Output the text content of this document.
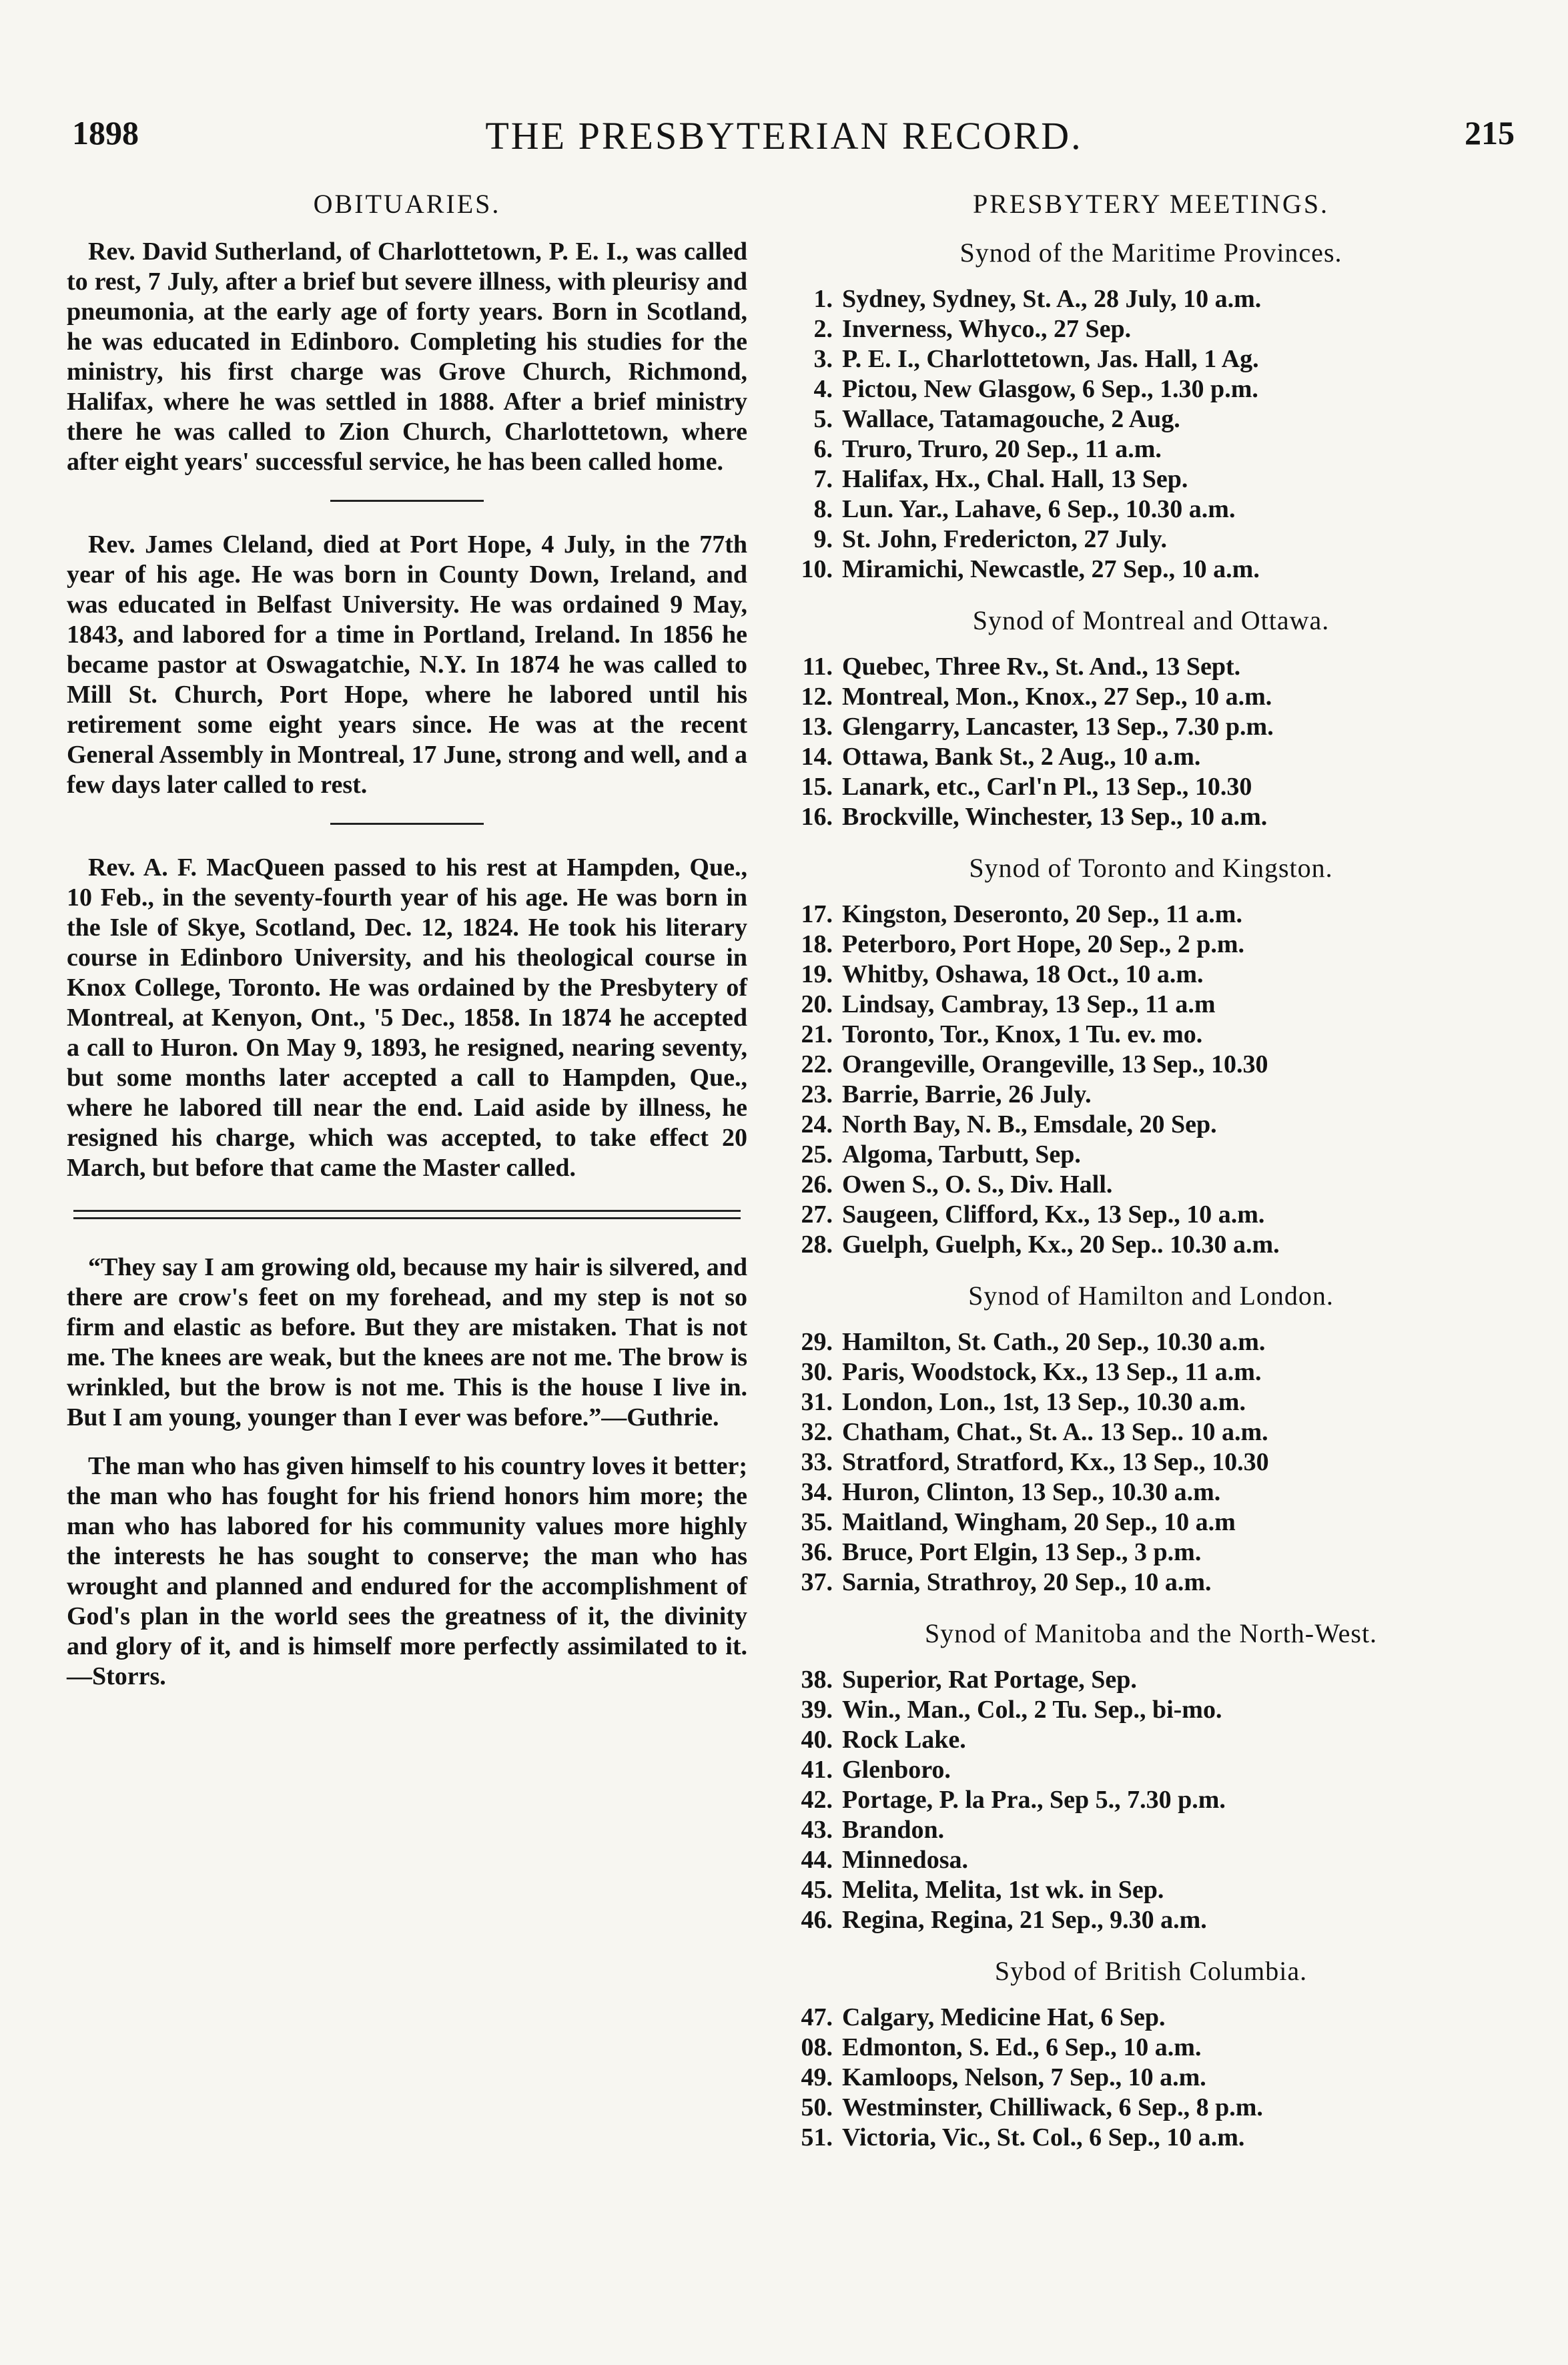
THE PRESBYTERIAN RECORD.
1898	215
OBITUARIES.

Rev. David Sutherland, of Charlottetown, P. E. I., was called to rest, 7 July, after a brief but severe illness, with pleurisy and pneumonia, at the early age of forty years. Born in Scotland, he was educated in Edinboro. Completing his studies for the ministry, his first charge was Grove Church, Richmond, Halifax, where he was settled in 1888. After a brief ministry there he was called to Zion Church, Charlottetown, where after eight years' successful service, he has been called home.

Rev. James Cleland, died at Port Hope, 4 July, in the 77th year of his age. He was born in County Down, Ireland, and was educated in Belfast University. He was ordained 9 May, 1843, and labored for a time in Portland, Ireland. In 1856 he became pastor at Oswagatchie, N.Y. In 1874 he was called to Mill St. Church, Port Hope, where he labored until his retirement some eight years since. He was at the recent General Assembly in Montreal, 17 June, strong and well, and a few days later called to rest.

Rev. A. F. MacQueen passed to his rest at Hampden, Que., 10 Feb., in the seventy-fourth year of his age. He was born in the Isle of Skye, Scotland, Dec. 12, 1824. He took his literary course in Edinboro University, and his theological course in Knox College, Toronto. He was ordained by the Presbytery of Montreal, at Kenyon, Ont., '5 Dec., 1858. In 1874 he accepted a call to Huron. On May 9, 1893, he resigned, nearing seventy, but some months later accepted a call to Hampden, Que., where he labored till near the end. Laid aside by illness, he resigned his charge, which was accepted, to take effect 20 March, but before that came the Master called.

“They say I am growing old, because my hair is silvered, and there are crow's feet on my forehead, and my step is not so firm and elastic as before. But they are mistaken. That is not me. The knees are weak, but the knees are not me. The brow is wrinkled, but the brow is not me. This is the house I live in. But I am young, younger than I ever was before.”—Guthrie.

The man who has given himself to his country loves it better; the man who has fought for his friend honors him more; the man who has labored for his community values more highly the interests he has sought to conserve; the man who has wrought and planned and endured for the accomplishment of God's plan in the world sees the greatness of it, the divinity and glory of it, and is himself more perfectly assimilated to it.—Storrs.

PRESBYTERY MEETINGS.
Synod of the Maritime Provinces.
1. Sydney, Sydney, St. A., 28 July, 10 a.m.
2. Inverness, Whyco., 27 Sep.
3. P. E. I., Charlottetown, Jas. Hall, 1 Ag.
4. Pictou, New Glasgow, 6 Sep., 1.30 p.m.
5. Wallace, Tatamagouche, 2 Aug.
6. Truro, Truro, 20 Sep., 11 a.m.
7. Halifax, Hx., Chal. Hall, 13 Sep.
8. Lun. Yar., Lahave, 6 Sep., 10.30 a.m.
9. St. John, Fredericton, 27 July.
10. Miramichi, Newcastle, 27 Sep., 10 a.m.
Synod of Montreal and Ottawa.
11. Quebec, Three Rv., St. And., 13 Sept.
12. Montreal, Mon., Knox., 27 Sep., 10 a.m.
13. Glengarry, Lancaster, 13 Sep., 7.30 p.m.
14. Ottawa, Bank St., 2 Aug., 10 a.m.
15. Lanark, etc., Carl'n Pl., 13 Sep., 10.30
16. Brockville, Winchester, 13 Sep., 10 a.m.
Synod of Toronto and Kingston.
17. Kingston, Deseronto, 20 Sep., 11 a.m.
18. Peterboro, Port Hope, 20 Sep., 2 p.m.
19. Whitby, Oshawa, 18 Oct., 10 a.m.
20. Lindsay, Cambray, 13 Sep., 11 a.m
21. Toronto, Tor., Knox, 1 Tu. ev. mo.
22. Orangeville, Orangeville, 13 Sep., 10.30
23. Barrie, Barrie, 26 July.
24. North Bay, N. B., Emsdale, 20 Sep.
25. Algoma, Tarbutt, Sep.
26. Owen S., O. S., Div. Hall.
27. Saugeen, Clifford, Kx., 13 Sep., 10 a.m.
28. Guelph, Guelph, Kx., 20 Sep.. 10.30 a.m.
Synod of Hamilton and London.
29. Hamilton, St. Cath., 20 Sep., 10.30 a.m.
30. Paris, Woodstock, Kx., 13 Sep., 11 a.m.
31. London, Lon., 1st, 13 Sep., 10.30 a.m.
32. Chatham, Chat., St. A.. 13 Sep.. 10 a.m.
33. Stratford, Stratford, Kx., 13 Sep., 10.30
34. Huron, Clinton, 13 Sep., 10.30 a.m.
35. Maitland, Wingham, 20 Sep., 10 a.m
36. Bruce, Port Elgin, 13 Sep., 3 p.m.
37. Sarnia, Strathroy, 20 Sep., 10 a.m.
Synod of Manitoba and the North-West.
38. Superior, Rat Portage, Sep.
39. Win., Man., Col., 2 Tu. Sep., bi-mo.
40. Rock Lake.
41. Glenboro.
42. Portage, P. la Pra., Sep 5., 7.30 p.m.
43. Brandon.
44. Minnedosa.
45. Melita, Melita, 1st wk. in Sep.
46. Regina, Regina, 21 Sep., 9.30 a.m.
Sybod of British Columbia.
47. Calgary, Medicine Hat, 6 Sep.
08. Edmonton, S. Ed., 6 Sep., 10 a.m.
49. Kamloops, Nelson, 7 Sep., 10 a.m.
50. Westminster, Chilliwack, 6 Sep., 8 p.m.
51. Victoria, Vic., St. Col., 6 Sep., 10 a.m.
